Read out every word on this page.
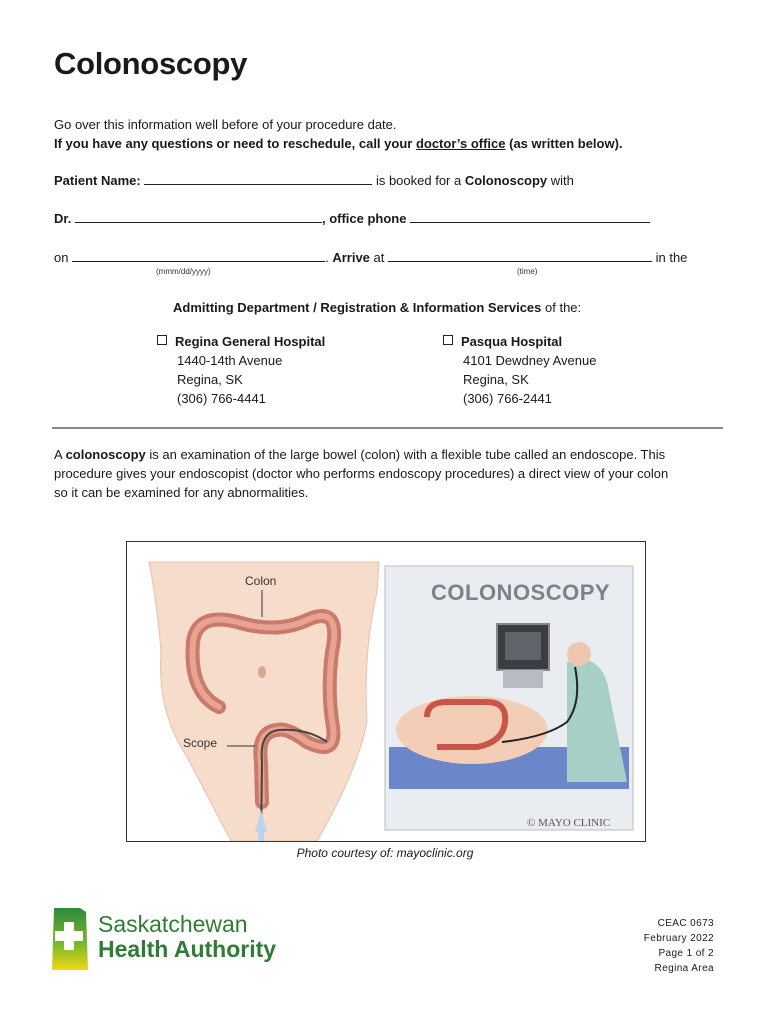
Colonoscopy
Go over this information well before of your procedure date.
If you have any questions or need to reschedule, call your doctor’s office (as written below).
Patient Name:	is booked for a Colonoscopy with
Dr.	, office phone
on	. Arrive at	in the
(mmm/dd/yyyy)	(time)
Admitting Department / Registration & Information Services of the:
Regina General Hospital
1440-14th Avenue
Regina, SK
(306) 766-4441
Pasqua Hospital
4101 Dewdney Avenue
Regina, SK
(306) 766-2441
A colonoscopy is an examination of the large bowel (colon) with a flexible tube called an endoscope. This
procedure gives your endoscopist (doctor who performs endoscopy procedures) a direct view of your colon
so it can be examined for any abnormalities.
Colon
Scope
COLONOSCOPY
© MAYO CLINIC
Photo courtesy of: mayoclinic.org
Saskatchewan
Health Authority
CEAC 0673
February 2022
Page 1 of 2
Regina Area
